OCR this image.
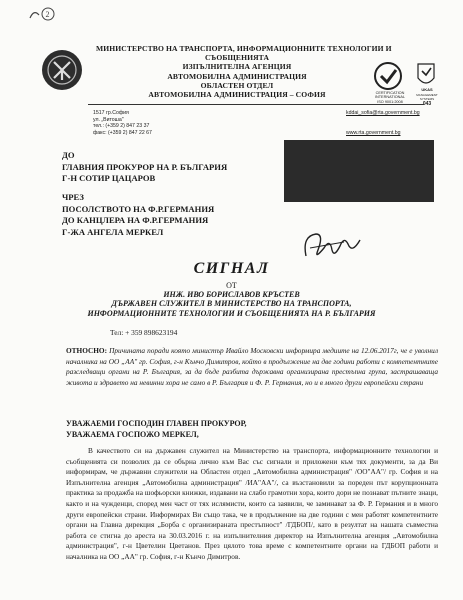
2
МИНИСТЕРСТВО НА ТРАНСПОРТА, ИНФОРМАЦИОННИТЕ ТЕХНОЛОГИИ И
СЪОБЩЕНИЯТА
ИЗПЪЛНИТЕЛНА АГЕНЦИЯ
АВТОМОБИЛНА АДМИНИСТРАЦИЯ
ОБЛАСТЕН ОТДЕЛ
АВТОМОБИЛНА АДМИНИСТРАЦИЯ – СОФИЯ	CERTIFICATION
INTERNATIONAL
ISO 9001:2008
UKAS
MANAGEMENT SYSTEMS
043
1517 гр.София
ул. „Витоша"
тел.: (+359 2) 847 23 37
факс: (+359 2) 847 22 67
kddai_sofia@rta.government.bg
www.rta.government.bg
ДО
ГЛАВНИЯ ПРОКУРОР НА Р. БЪЛГАРИЯ
Г-Н СОТИР ЦАЦАРОВ
ЧРЕЗ
ПОСОЛСТВОТО НА Ф.Р.ГЕРМАНИЯ
ДО КАНЦЛЕРА НА Ф.Р.ГЕРМАНИЯ
Г-ЖА АНГЕЛА МЕРКЕЛ
СИГНАЛ
ОТ
ИНЖ. ИВО БОРИСЛАВОВ КРЪСТЕВ
ДЪРЖАВЕН СЛУЖИТЕЛ В МИНИСТЕРСТВО НА ТРАНСПОРТА,
ИНФОРМАЦИОННИТЕ ТЕХНОЛОГИИ И СЪОБЩЕНИЯТА НА Р. БЪЛГАРИЯ
Тел: + 359 898623194
ОТНОСНО: Причината поради която министър Ивайло Московски информира медиите на 12.06.2017г, че е уволнил началника на ОО „АА" гр. София, г-н Кънчо Димитров, който в продължение на две години работи с компетентните разследващи органи на Р. България, за да бъде разбита държавна организирана престъпна група, застрашаваща живота и здравето на невинни хора не само в Р. България и Ф. Р. Германия, но и в много други европейски страни
УВАЖАЕМИ ГОСПОДИН ГЛАВЕН ПРОКУРОР,
УВАЖАЕМА ГОСПОЖО МЕРКЕЛ,
В качеството си на държавен служител на Министерство на транспорта, информационните технологии и съобщенията си позволих да се обърна лично към Вас със сигнали и приложени към тях документи, за да Ви информирам, че държавни служители на Областен отдел „Автомобилна администрация" /ОО"АА"/ гр. София и на Изпълнителна агенция „Автомобилна администрация" /ИА"АА"/, са възстановили за пореден път корупционната практика за продажба на шофьорски книжки, издавани на слабо грамотни хора, които дори не познават пътните знаци, както и на чужденци, според мен част от тях ислямисти, които са заявили, че заминават за Ф. Р. Германия и в много други европейски страни. Информирах Ви също така, че в продължение на две години с мен работят компетентните органи на Главна дирекция „Борба с организираната престъпност" /ГДБОП/, като в резултат на нашата съвместна работа се стигна до ареста на 30.03.2016 г. на изпълнителния директор на Изпълнителна агенция „Автомобилна администрация", г-н Цветелин Цветанов. През цялото това време с компетентните органи на ГДБОП работи и началника на ОО „АА" гр. София, г-н Кънчо Димитров.
